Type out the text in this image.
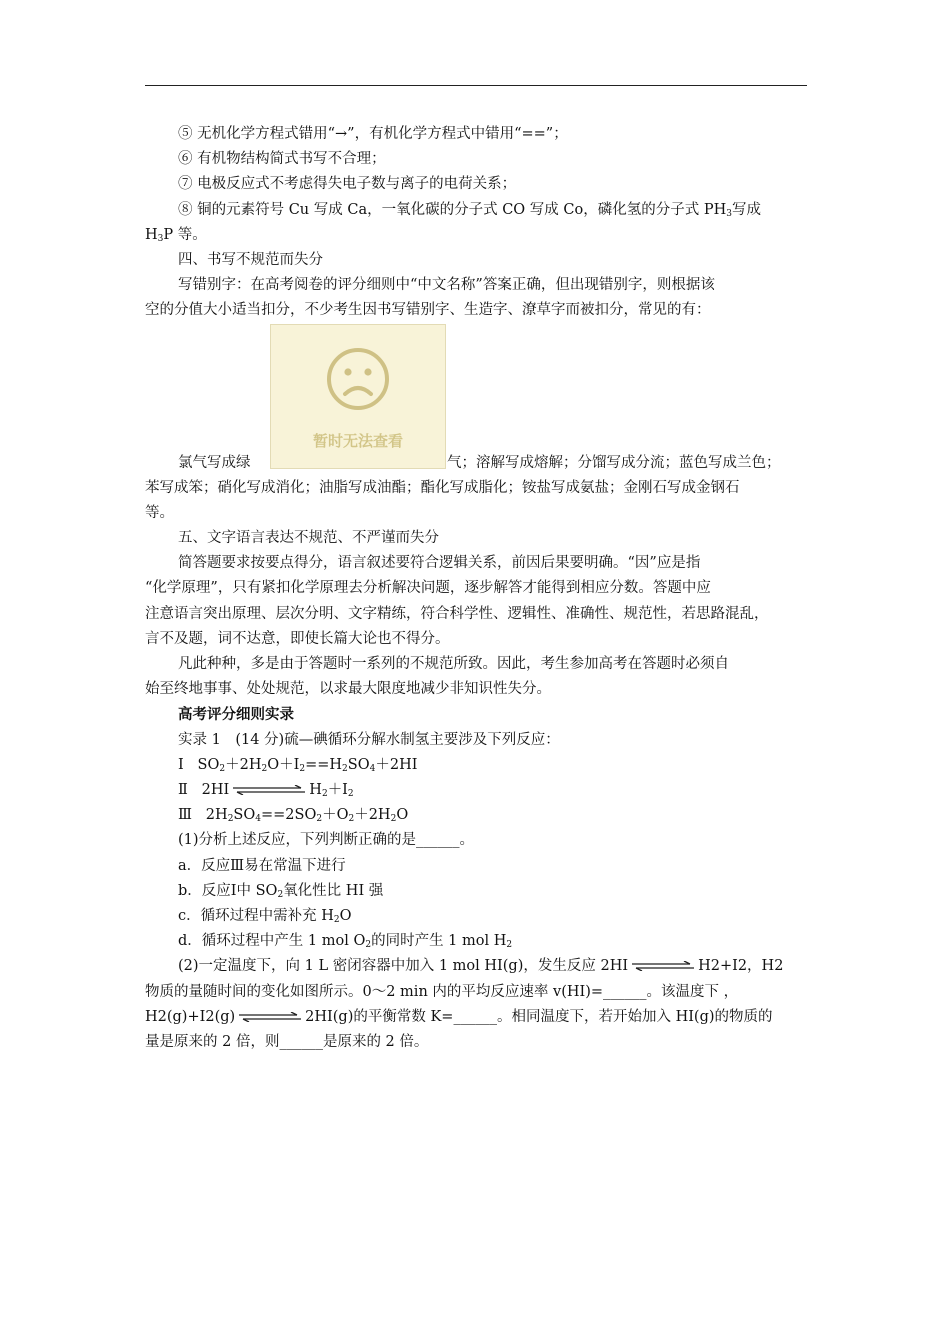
⑤ 无机化学方程式错用“→”，有机化学方程式中错用“==”；

⑥ 有机物结构简式书写不合理；

⑦ 电极反应式不考虑得失电子数与离子的电荷关系；

⑧ 铜的元素符号 Cu 写成 Ca，一氧化碳的分子式 CO 写成 Co，磷化氢的分子式 $PH_3$写成

$H_3P$ 等。

四、书写不规范而失分

写错别字：在高考阅卷的评分细则中“中文名称”答案正确，但出现错别字，则根据该

空的分值大小适当扣分，不少考生因书写错别字、生造字、潦草字而被扣分，常见的有：

氯气写成绿

暂时无法查看

气；溶解写成熔解；分馏写成分流；蓝色写成兰色；

苯写成笨；硝化写成消化；油脂写成油酯；酯化写成脂化；铵盐写成氨盐；金刚石写成金钢石

等。

五、文字语言表达不规范、不严谨而失分

简答题要求按要点得分，语言叙述要符合逻辑关系，前因后果要明确。“因”应是指

“化学原理”，只有紧扣化学原理去分析解决问题，逐步解答才能得到相应分数。答题中应

注意语言突出原理、层次分明、文字精练，符合科学性、逻辑性、准确性、规范性，若思路混乱，

言不及题，词不达意，即使长篇大论也不得分。

凡此种种，多是由于答题时一系列的不规范所致。因此，考生参加高考在答题时必须自

始至终地事事、处处规范，以求最大限度地减少非知识性失分。

高考评分细则实录

实录 1　(14 分)硫—碘循环分解水制氢主要涉及下列反应：

Ⅰ   $SO_2+2H_2O+I_2==H_2SO_4+2HI$

Ⅱ   2HI	$H_2+I_2$

Ⅲ   $2H_2SO_4==2SO_2+O_2+2H_2O$

(1)分析上述反应，下列判断正确的是______。

a．反应Ⅲ易在常温下进行

b．反应Ⅰ中 $SO_2$氧化性比 HI 强

c．循环过程中需补充 $H_2O$

d．循环过程中产生 1 mol $O_2$的同时产生 1 mol $H_2$

(2)一定温度下，向 1 L 密闭容器中加入 1 mol HI(g)，发生反应 2HI	H2+I2，H2

物质的量随时间的变化如图所示。0～2 min 内的平均反应速率 v(HI)=______。该温度下 ，

H2(g)+I2(g)	2HI(g)的平衡常数 K=______。相同温度下，若开始加入 HI(g)的物质的

量是原来的 2 倍，则______是原来的 2 倍。
